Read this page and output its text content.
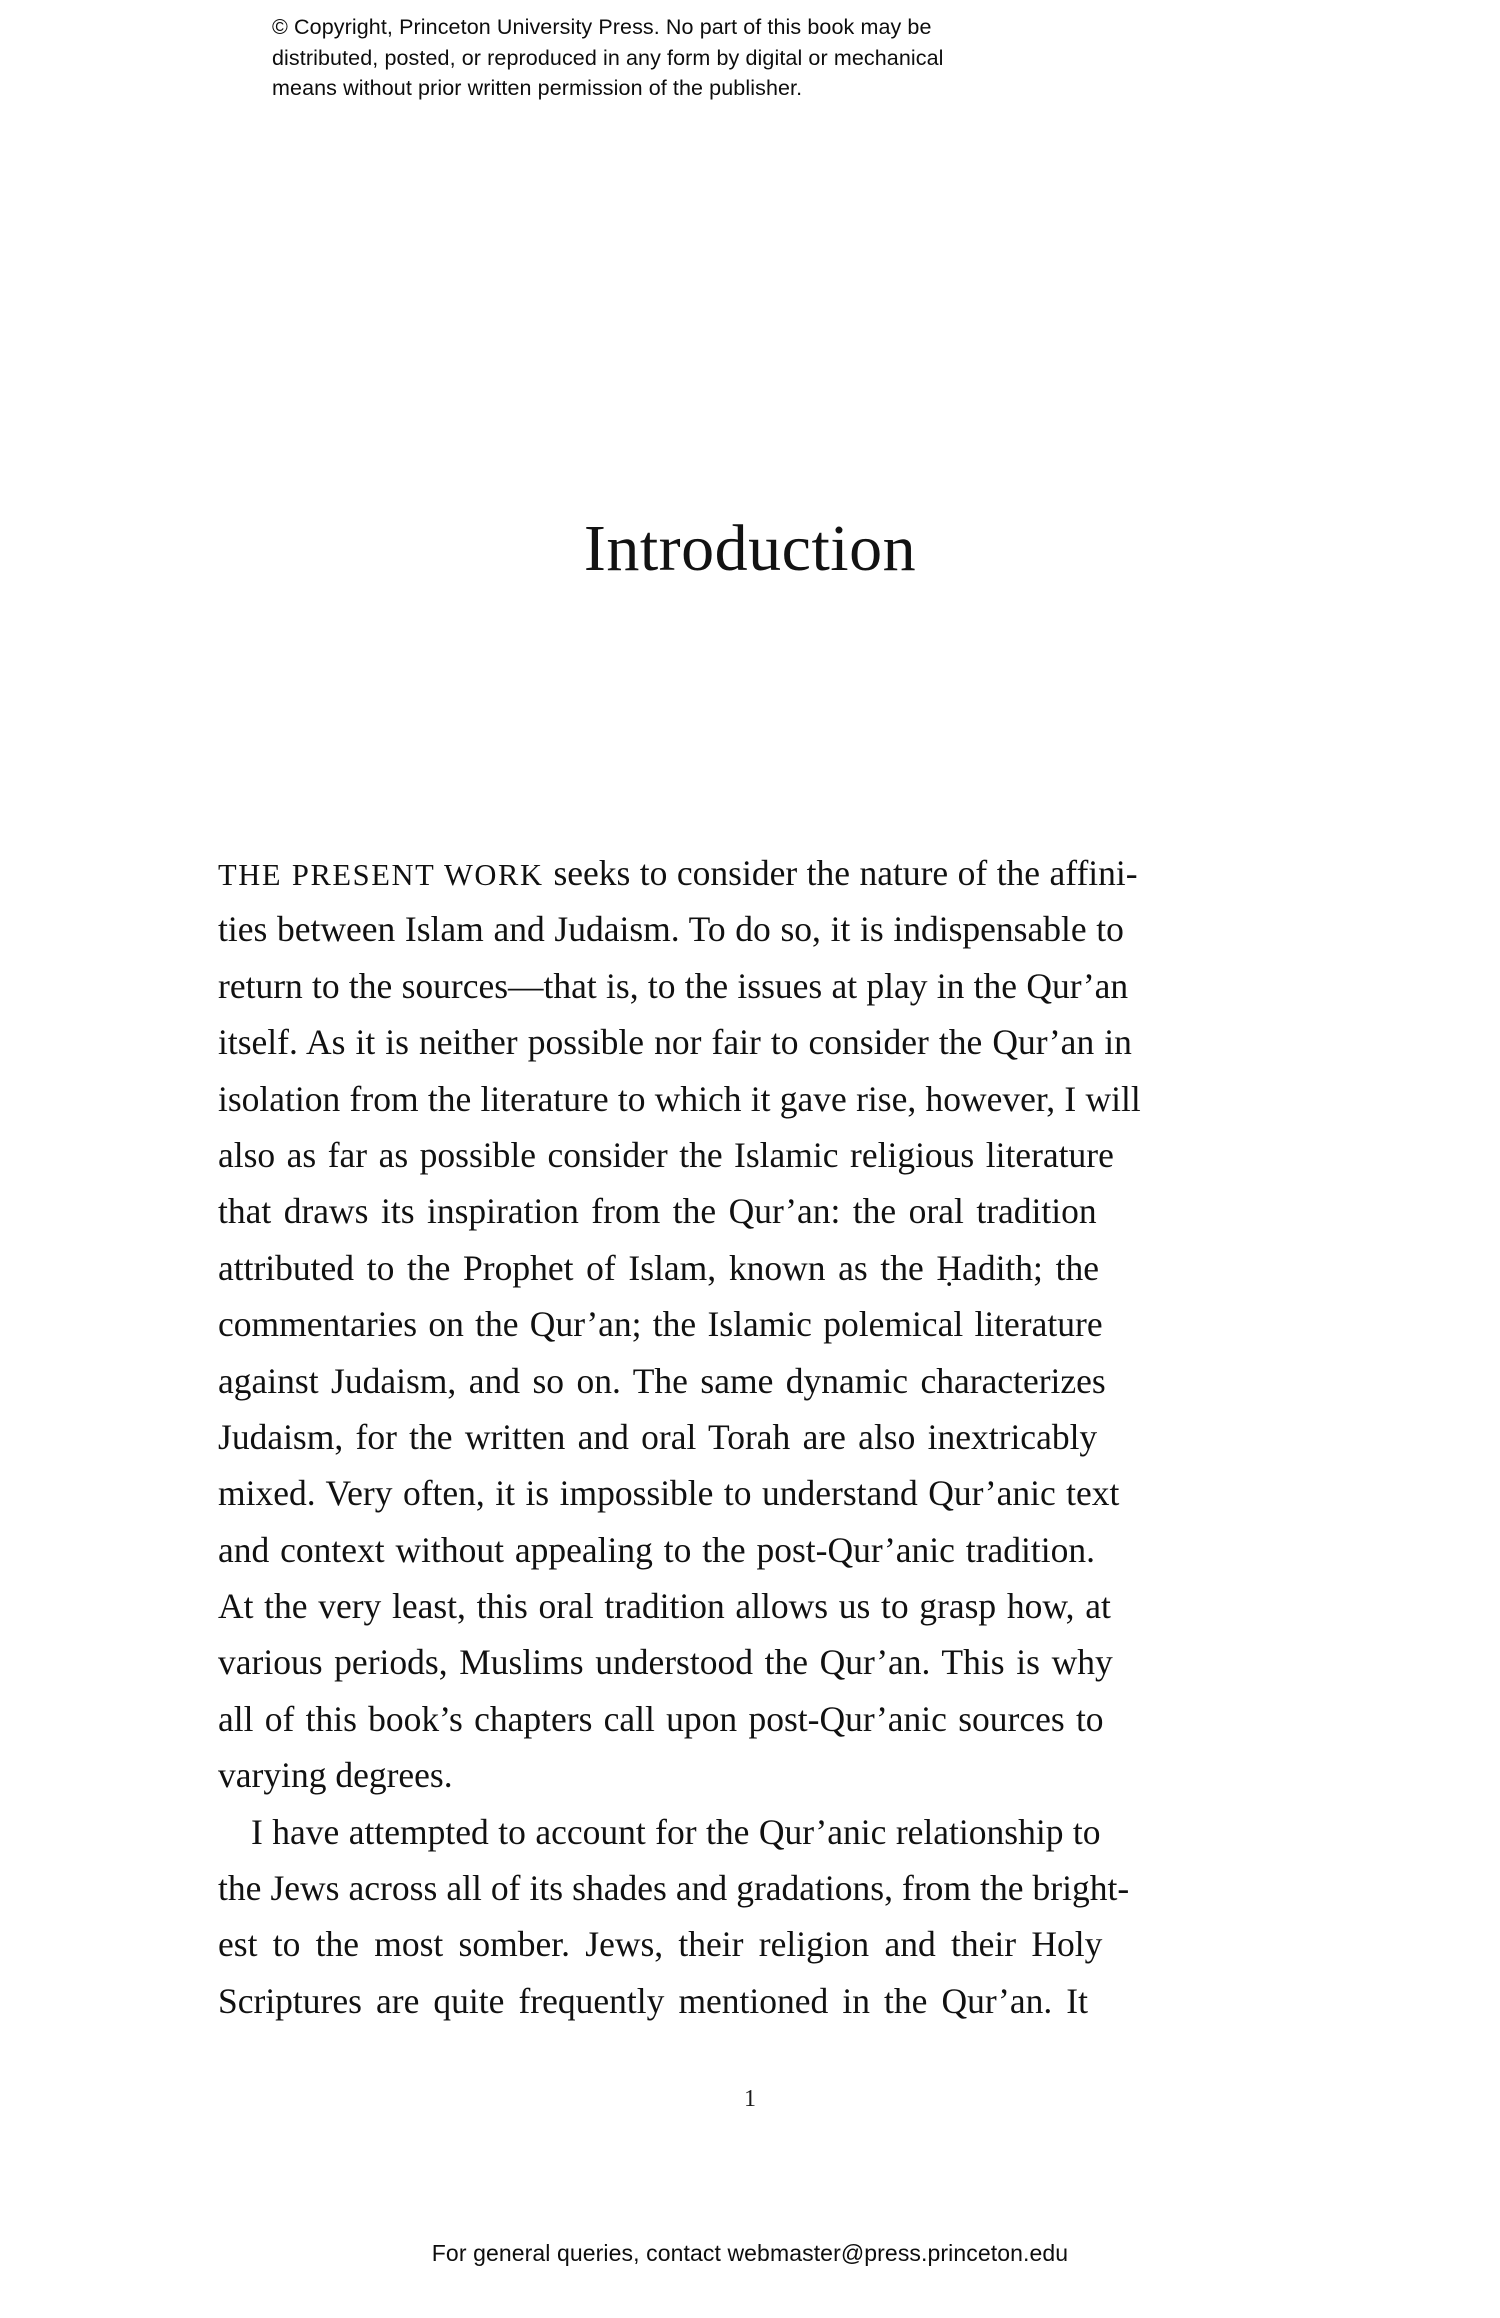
© Copyright, Princeton University Press. No part of this book may be
distributed, posted, or reproduced in any form by digital or mechanical
means without prior written permission of the publisher.
Introduction
THE PRESENT WORK seeks to consider the nature of the affini-
ties between Islam and Judaism. To do so, it is indispensable to
return to the sources—that is, to the issues at play in the Qur’an
itself. As it is neither possible nor fair to consider the Qur’an in
isolation from the literature to which it gave rise, however, I will
also as far as possible consider the Islamic religious literature
that draws its inspiration from the Qur’an: the oral tradition
attributed to the Prophet of Islam, known as the Ḥadith; the
commentaries on the Qur’an; the Islamic polemical literature
against Judaism, and so on. The same dynamic characterizes
Judaism, for the written and oral Torah are also inextricably
mixed. Very often, it is impossible to understand Qur’anic text
and context without appealing to the post-Qur’anic tradition.
At the very least, this oral tradition allows us to grasp how, at
various periods, Muslims understood the Qur’an. This is why
all of this book’s chapters call upon post-Qur’anic sources to
varying degrees.
I have attempted to account for the Qur’anic relationship to
the Jews across all of its shades and gradations, from the bright-
est to the most somber. Jews, their religion and their Holy
Scriptures are quite frequently mentioned in the Qur’an. It
1
For general queries, contact webmaster@press.princeton.edu
